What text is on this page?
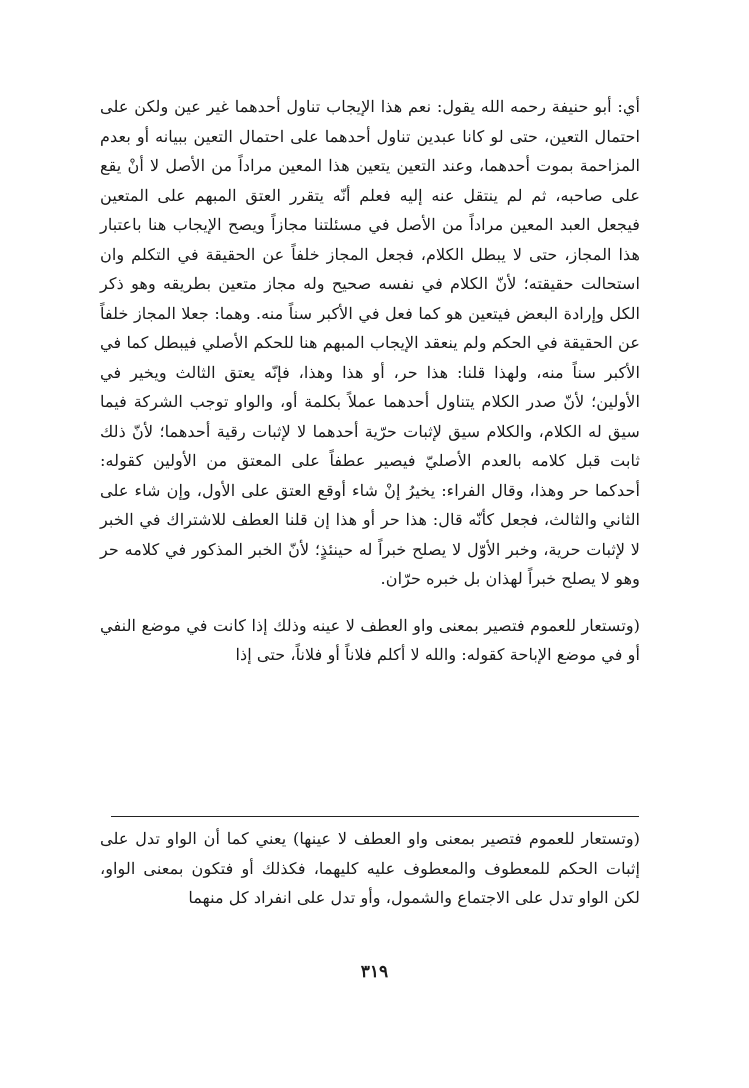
أي: أبو حنيفة رحمه الله يقول: نعم هذا الإيجاب تناول أحدهما غير عين ولكن على احتمال التعين، حتى لو كانا عبدين تناول أحدهما على احتمال التعين ببيانه أو بعدم المزاحمة بموت أحدهما، وعند التعين يتعين هذا المعين مراداً من الأصل لا أنْ يقع على صاحبه، ثم لم ينتقل عنه إليه فعلم أنّه يتقرر العتق المبهم على المتعين فيجعل العبد المعين مراداً من الأصل في مسئلتنا مجازاً ويصح الإيجاب هنا باعتبار هذا المجاز، حتى لا يبطل الكلام، فجعل المجاز خلفاً عن الحقيقة في التكلم وان استحالت حقيقته؛ لأنّ الكلام في نفسه صحيح وله مجاز متعين بطريقه وهو ذكر الكل وإرادة البعض فيتعين هو كما فعل في الأكبر سناً منه. وهما: جعلا المجاز خلفاً عن الحقيقة في الحكم ولم ينعقد الإيجاب المبهم هنا للحكم الأصلي فيبطل كما في الأكبر سناً منه، ولهذا قلنا: هذا حر، أو هذا وهذا، فإنّه يعتق الثالث ويخير في الأولين؛ لأنّ صدر الكلام يتناول أحدهما عملاً بكلمة أو، والواو توجب الشركة فيما سيق له الكلام، والكلام سيق لإثبات حرّية أحدهما لا لإثبات رقية أحدهما؛ لأنّ ذلك ثابت قبل كلامه بالعدم الأصليّ فيصير عطفاً على المعتق من الأولين كقوله: أحدكما حر وهذا، وقال الفراء: يخيرُ إنْ شاء أوقع العتق على الأول، وإن شاء على الثاني والثالث، فجعل كأنّه قال: هذا حر أو هذا إن قلنا العطف للاشتراك في الخبر لا لإثبات حرية، وخبر الأوّل لا يصلح خبراً له حينئذٍ؛ لأنّ الخبر المذكور في كلامه حر وهو لا يصلح خبراً لهذان بل خبره حرّان.

(وتستعار للعموم فتصير بمعنى واو العطف لا عينه وذلك إذا كانت في موضع النفي أو في موضع الإباحة كقوله: والله لا أكلم فلاناً أو فلاناً، حتى إذا

(وتستعار للعموم فتصير بمعنى واو العطف لا عينها) يعني كما أن الواو تدل على إثبات الحكم للمعطوف والمعطوف عليه كليهما، فكذلك أو فتكون بمعنى الواو، لكن الواو تدل على الاجتماع والشمول، وأو تدل على انفراد كل منهما

٣١٩
